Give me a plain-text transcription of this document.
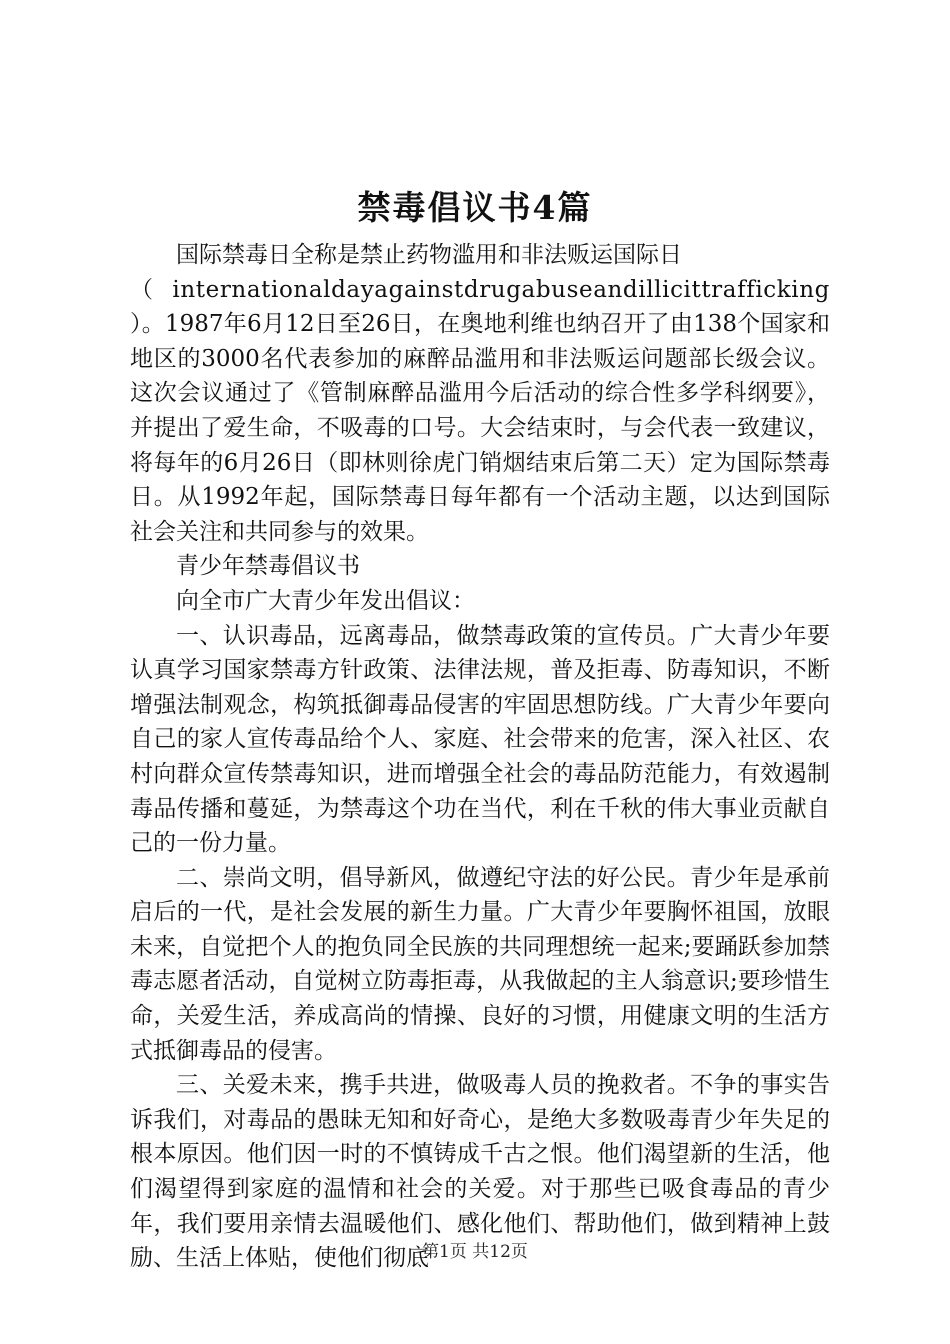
禁毒倡议书4篇

国际禁毒日全称是禁止药物滥用和非法贩运国际日

（internationaldayagainstdrugabuseandillicittrafficking

）。1987年6月12日至26日，在奥地利维也纳召开了由138个国家和地区的3000名代表参加的麻醉品滥用和非法贩运问题部长级会议。这次会议通过了《管制麻醉品滥用今后活动的综合性多学科纲要》，并提出了爱生命，不吸毒的口号。大会结束时，与会代表一致建议，将每年的6月26日（即林则徐虎门销烟结束后第二天）定为国际禁毒日。从1992年起，国际禁毒日每年都有一个活动主题，以达到国际社会关注和共同参与的效果。

青少年禁毒倡议书

向全市广大青少年发出倡议：

一、认识毒品，远离毒品，做禁毒政策的宣传员。广大青少年要认真学习国家禁毒方针政策、法律法规，普及拒毒、防毒知识，不断增强法制观念，构筑抵御毒品侵害的牢固思想防线。广大青少年要向自己的家人宣传毒品给个人、家庭、社会带来的危害，深入社区、农村向群众宣传禁毒知识，进而增强全社会的毒品防范能力，有效遏制毒品传播和蔓延，为禁毒这个功在当代，利在千秋的伟大事业贡献自己的一份力量。

二、崇尚文明，倡导新风，做遵纪守法的好公民。青少年是承前启后的一代，是社会发展的新生力量。广大青少年要胸怀祖国，放眼未来，自觉把个人的抱负同全民族的共同理想统一起来;要踊跃参加禁毒志愿者活动，自觉树立防毒拒毒，从我做起的主人翁意识;要珍惜生命，关爱生活，养成高尚的情操、良好的习惯，用健康文明的生活方式抵御毒品的侵害。

三、关爱未来，携手共进，做吸毒人员的挽救者。不争的事实告诉我们，对毒品的愚昧无知和好奇心，是绝大多数吸毒青少年失足的根本原因。他们因一时的不慎铸成千古之恨。他们渴望新的生活，他们渴望得到家庭的温情和社会的关爱。对于那些已吸食毒品的青少年，我们要用亲情去温暖他们、感化他们、帮助他们，做到精神上鼓励、生活上体贴，使他们彻底

第1页 共12页
